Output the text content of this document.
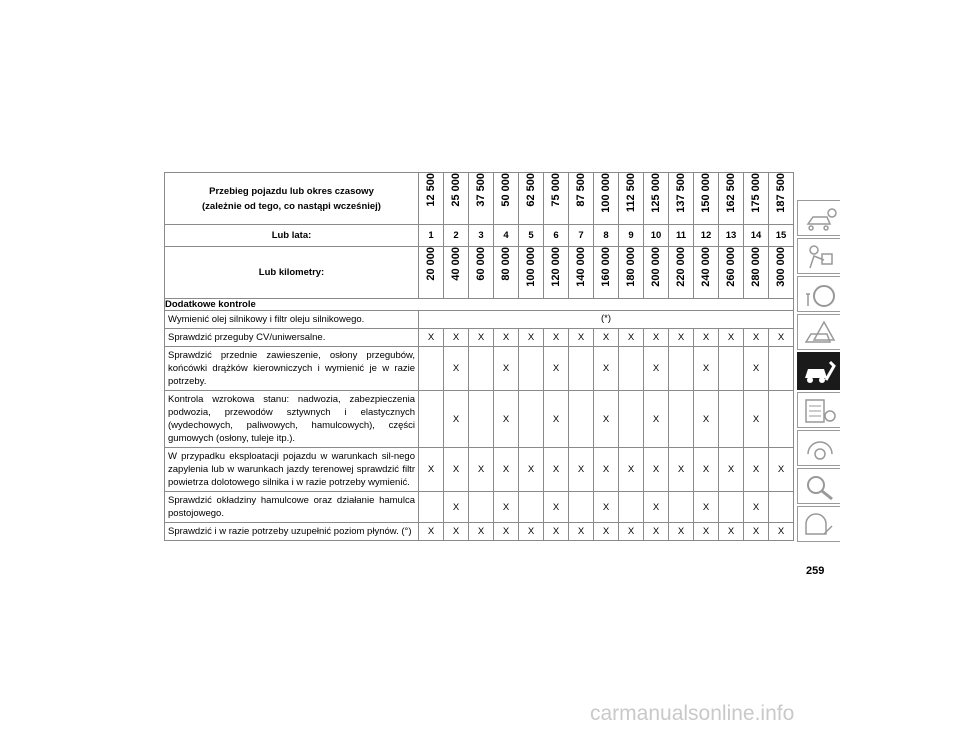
Przebieg pojazdu lub okres czasowy
(zależnie od tego, co nastąpi wcześniej)	12 500	25 000	37 500	50 000	62 500	75 000	87 500	100 000	112 500	125 000	137 500	150 000	162 500	175 000	187 500
Lub lata:	1	2	3	4	5	6	7	8	9	10	11	12	13	14	15
Lub kilometry:	20 000	40 000	60 000	80 000	100 000	120 000	140 000	160 000	180 000	200 000	220 000	240 000	260 000	280 000	300 000
Dodatkowe kontrole															
Wymienić olej silnikowy i filtr oleju silnikowego.	(*)														
Sprawdzić przeguby CV/uniwersalne.	X	X	X	X	X	X	X	X	X	X	X	X	X	X	X
Sprawdzić przednie zawieszenie, osłony przegubów, końcówki drążków kierowniczych i wymienić je w razie potrzeby.		X		X		X		X		X		X		X	
Kontrola wzrokowa stanu: nadwozia, zabezpieczenia podwozia, przewodów sztywnych i elastycznych (wydechowych, paliwowych, hamulcowych), części gumowych (osłony, tuleje itp.).		X		X		X		X		X		X		X	
W przypadku eksploatacji pojazdu w warunkach sil-nego zapylenia lub w warunkach jazdy terenowej sprawdzić filtr powietrza dolotowego silnika i w razie potrzeby wymienić.	X	X	X	X	X	X	X	X	X	X	X	X	X	X	X
Sprawdzić okładziny hamulcowe oraz działanie hamulca postojowego.		X		X		X		X		X		X		X	
Sprawdzić i w razie potrzeby uzupełnić poziom płynów. (°)	X	X	X	X	X	X	X	X	X	X	X	X	X	X	X
259
carmanualsonline.info
